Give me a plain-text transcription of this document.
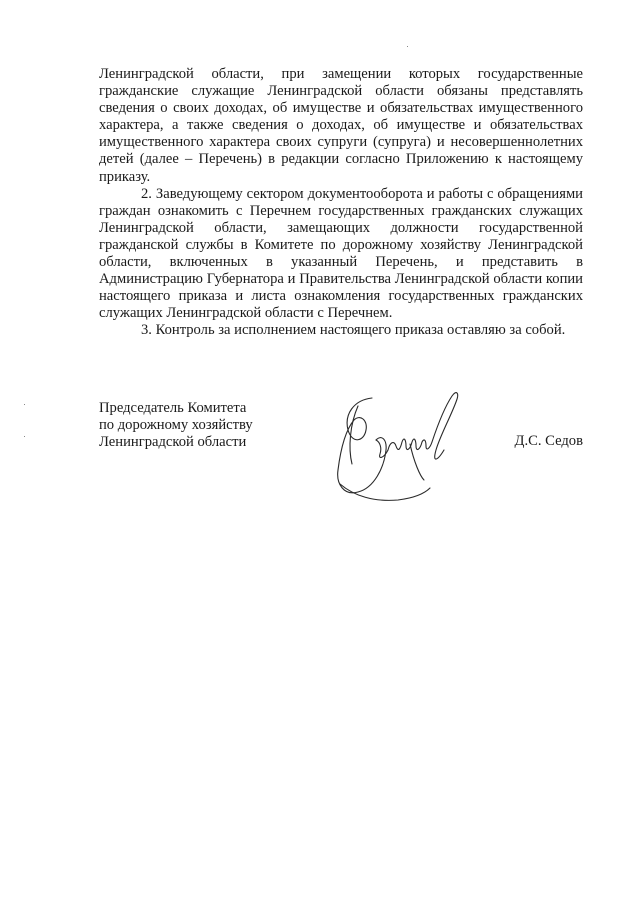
Ленинградской области, при замещении которых государственные гражданские служащие Ленинградской области обязаны представлять сведения о своих доходах, об имуществе и обязательствах имущественного характера, а также сведения о доходах, об имуществе и обязательствах имущественного характера своих супруги (супруга) и несовершеннолетних детей (далее – Перечень) в редакции согласно Приложению к настоящему приказу.

2. Заведующему сектором документооборота и работы с обращениями граждан ознакомить с Перечнем государственных гражданских служащих Ленинградской области, замещающих должности государственной гражданской службы в Комитете по дорожному хозяйству Ленинградской области, включенных в указанный Перечень, и представить в Администрацию Губернатора и Правительства Ленинградской области копии настоящего приказа и листа ознакомления государственных гражданских служащих Ленинградской области с Перечнем.

3. Контроль за исполнением настоящего приказа оставляю за собой.

Председатель Комитета
по дорожному хозяйству
Ленинградской области	Д.С. Седов
